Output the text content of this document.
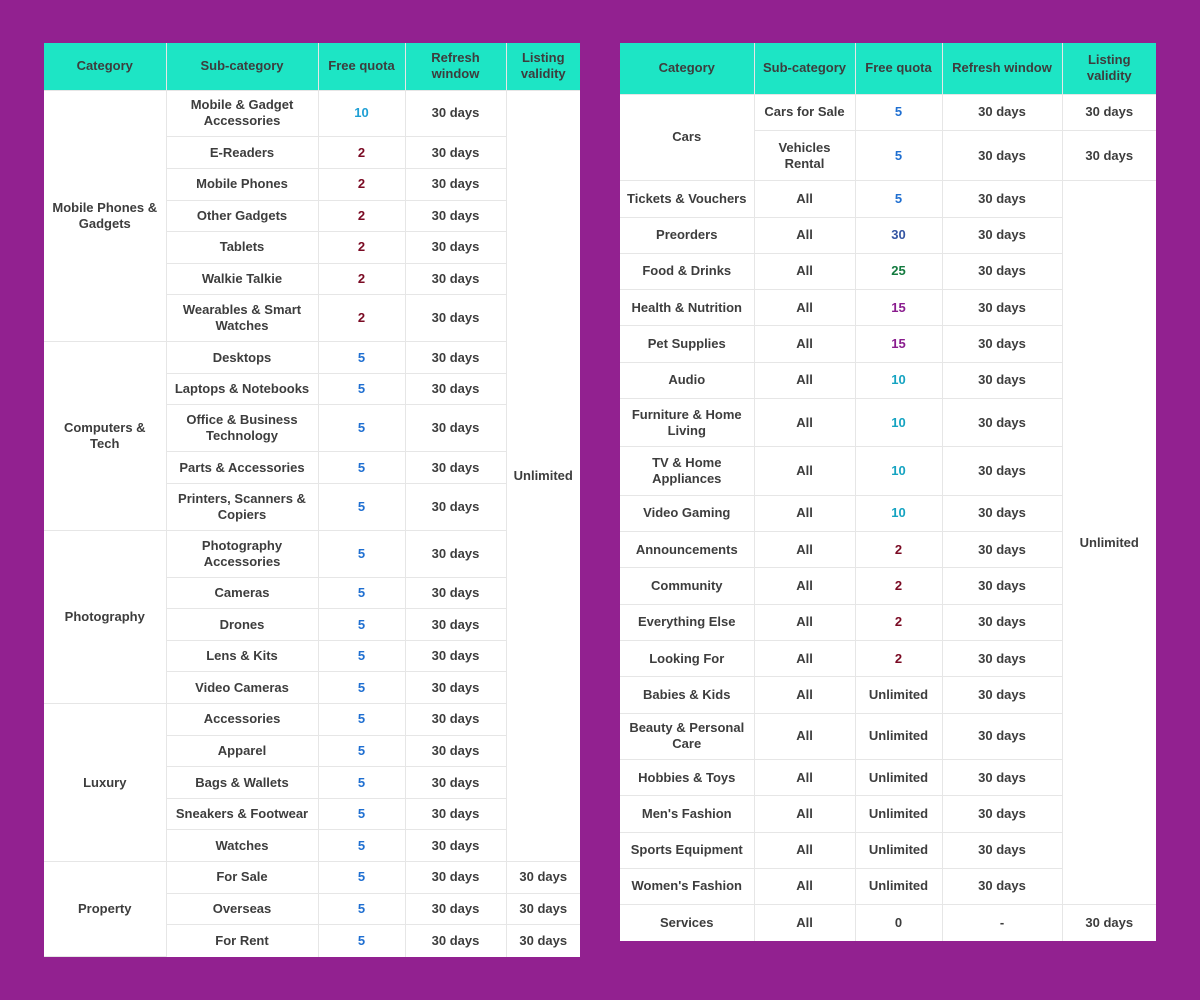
Category	Sub-category	Free quota	Refresh window	Listing validity
Mobile Phones & Gadgets	Mobile & Gadget Accessories	10	30 days	Unlimited
	E-Readers	2	30 days	
	Mobile Phones	2	30 days	
	Other Gadgets	2	30 days	
	Tablets	2	30 days	
	Walkie Talkie	2	30 days	
	Wearables & Smart Watches	2	30 days	
Computers & Tech	Desktops	5	30 days	
	Laptops & Notebooks	5	30 days	
	Office & Business Technology	5	30 days	
	Parts & Accessories	5	30 days	
	Printers, Scanners & Copiers	5	30 days	
Photography	Photography Accessories	5	30 days	
	Cameras	5	30 days	
	Drones	5	30 days	
	Lens & Kits	5	30 days	
	Video Cameras	5	30 days	
Luxury	Accessories	5	30 days	
	Apparel	5	30 days	
	Bags & Wallets	5	30 days	
	Sneakers & Footwear	5	30 days	
	Watches	5	30 days	
Property	For Sale	5	30 days	30 days
	Overseas	5	30 days	30 days
	For Rent	5	30 days	30 days
Category	Sub-category	Free quota	Refresh window	Listing validity
Cars	Cars for Sale	5	30 days	30 days
	Vehicles Rental	5	30 days	30 days
Tickets & Vouchers	All	5	30 days	Unlimited
Preorders	All	30	30 days	
Food & Drinks	All	25	30 days	
Health & Nutrition	All	15	30 days	
Pet Supplies	All	15	30 days	
Audio	All	10	30 days	
Furniture & Home Living	All	10	30 days	
TV & Home Appliances	All	10	30 days	
Video Gaming	All	10	30 days	
Announcements	All	2	30 days	
Community	All	2	30 days	
Everything Else	All	2	30 days	
Looking For	All	2	30 days	
Babies & Kids	All	Unlimited	30 days	
Beauty & Personal Care	All	Unlimited	30 days	
Hobbies & Toys	All	Unlimited	30 days	
Men's Fashion	All	Unlimited	30 days	
Sports Equipment	All	Unlimited	30 days	
Women's Fashion	All	Unlimited	30 days	
Services	All	0	-	30 days
